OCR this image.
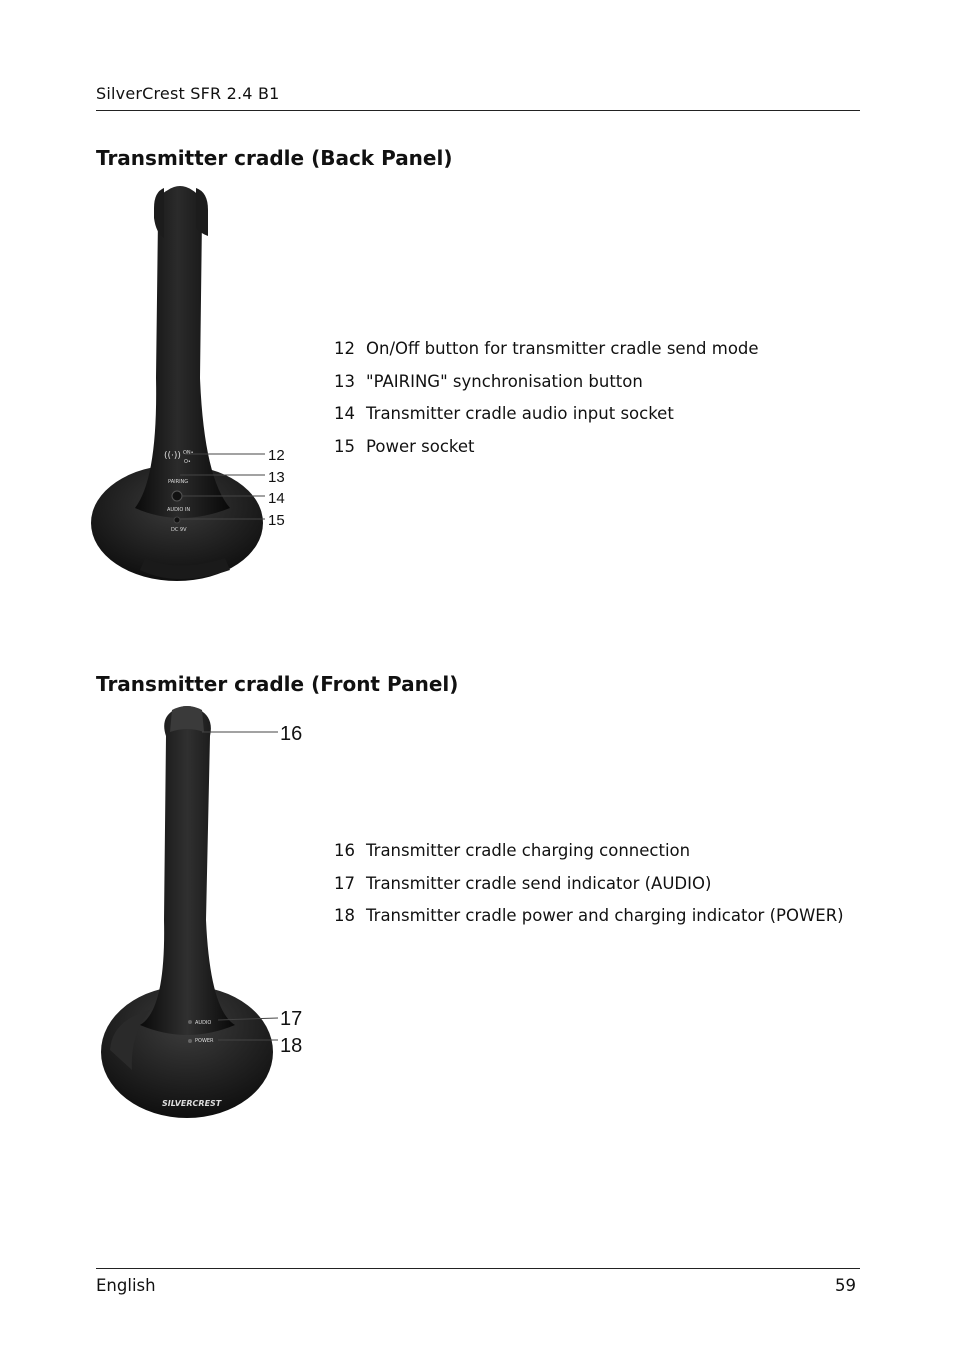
SilverCrest SFR 2.4 B1
Transmitter cradle (Back Panel)
ON•
O•
((·))
PAIRING
AUDIO IN
DC 9V
12
13
14
15
12 On/Off button for transmitter cradle send mode
13 "PAIRING" synchronisation button
14 Transmitter cradle audio input socket
15 Power socket
Transmitter cradle (Front Panel)
AUDIO
POWER
SILVERCREST
16
17
18
16 Transmitter cradle charging connection
17 Transmitter cradle send indicator (AUDIO)
18 Transmitter cradle power and charging indicator (POWER)
English	59
